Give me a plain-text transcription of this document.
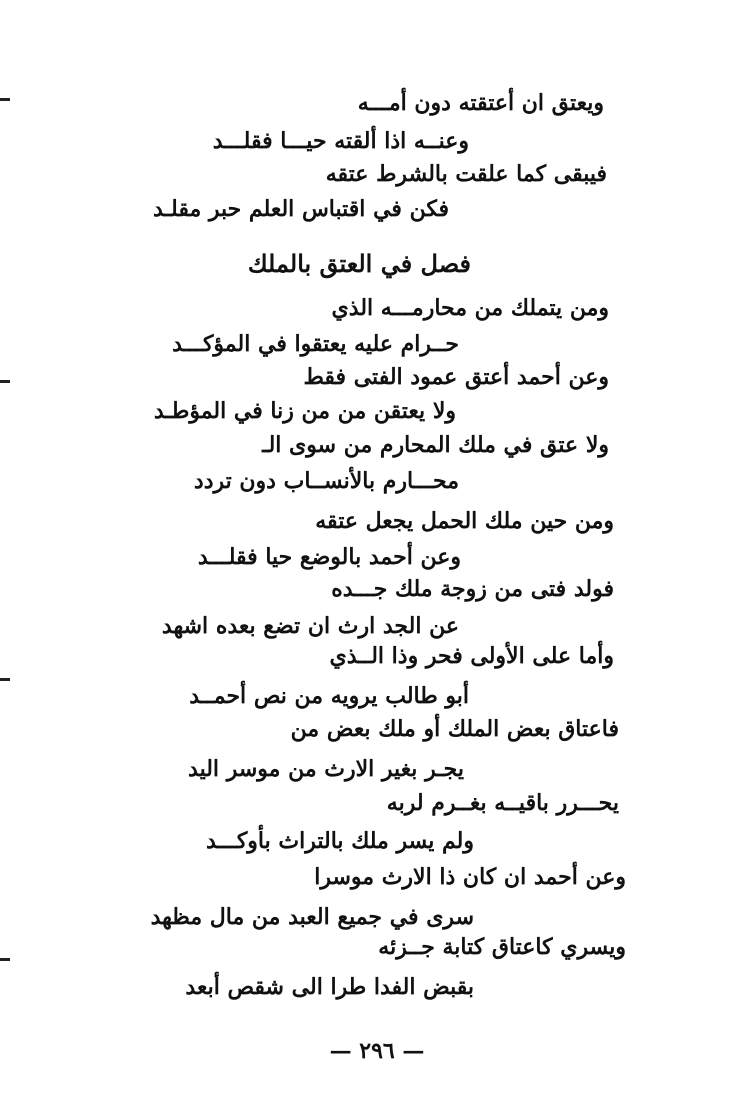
ويعتق ان أعتقته دون أمـــه
وعنــه اذا ألقته حيـــا فقلـــد
فيبقى كما علقت بالشرط عتقه
فكن في اقتباس العلم حبر مقلـد
فصل في العتق بالملك
ومن يتملك من محارمـــه الذي
حــرام عليه يعتقوا في المؤكـــد
وعن أحمد أعتق عمود الفتى فقط
ولا يعتقن من من زنا في المؤطـد
ولا عتق في ملك المحارم من سوى الـ
محـــارم بالأنســاب دون تردد
ومن حين ملك الحمل يجعل عتقه
وعن أحمد بالوضع حيا فقلـــد
فولد فتى من زوجة ملك جـــده
عن الجد ارث ان تضع بعده اشهد
وأما على الأولى فحر وذا الــذي
أبو طالب يرويه من نص أحمــد
فاعتاق بعض الملك أو ملك بعض من
يجـر بغير الارث من موسر اليد
يحـــرر باقيــه بغــرم لربه
ولم يسر ملك بالتراث بأوكـــد
وعن أحمد ان كان ذا الارث موسرا
سرى في جميع العبد من مال مظهد
ويسري كاعتاق كتابة جــزئه
بقبض الفدا طرا الى شقص أبعد
— ٢٩٦ —
